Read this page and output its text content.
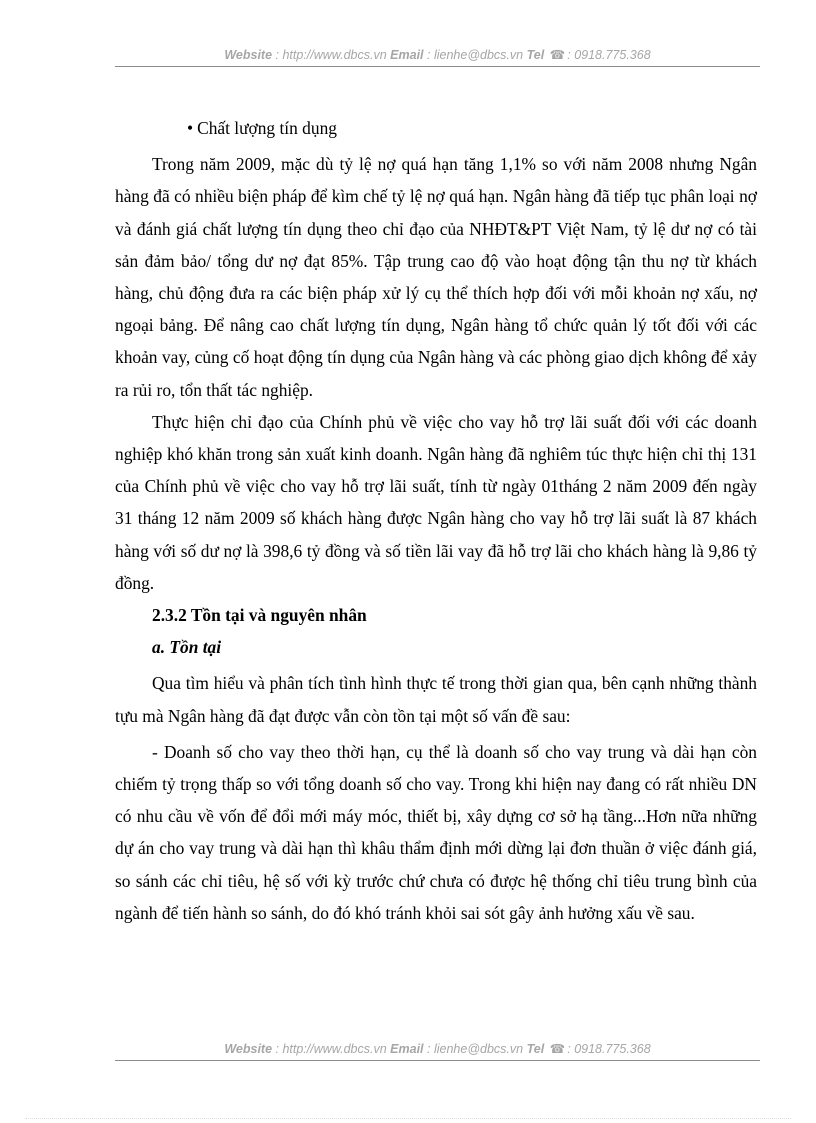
Website : http://www.dbcs.vn Email : lienhe@dbcs.vn Tel ☎ : 0918.775.368
• Chất lượng tín dụng

Trong năm 2009, mặc dù tỷ lệ nợ quá hạn tăng 1,1% so với năm 2008 nhưng Ngân hàng đã có nhiều biện pháp để kìm chế tỷ lệ nợ quá hạn. Ngân hàng đã tiếp tục phân loại nợ và đánh giá chất lượng tín dụng theo chỉ đạo của NHĐT&PT Việt Nam, tỷ lệ dư nợ có tài sản đảm bảo/ tổng dư nợ đạt 85%. Tập trung cao độ vào hoạt động tận thu nợ từ khách hàng, chủ động đưa ra các biện pháp xử lý cụ thể thích hợp đối với mỗi khoản nợ xấu, nợ ngoại bảng. Để nâng cao chất lượng tín dụng, Ngân hàng tổ chức quản lý tốt đối với các khoản vay, củng cố hoạt động tín dụng của Ngân hàng và các phòng giao dịch không để xảy ra rủi ro, tổn thất tác nghiệp.

Thực hiện chỉ đạo của Chính phủ về việc cho vay hỗ trợ lãi suất đối với các doanh nghiệp khó khăn trong sản xuất kinh doanh. Ngân hàng đã nghiêm túc thực hiện chỉ thị 131 của Chính phủ về việc cho vay hỗ trợ lãi suất, tính từ ngày 01tháng 2 năm 2009 đến ngày 31 tháng 12 năm 2009 số khách hàng được Ngân hàng cho vay hỗ trợ lãi suất là 87 khách hàng với số dư nợ là 398,6 tỷ đồng và số tiền lãi vay đã hỗ trợ lãi cho khách hàng là 9,86 tỷ đồng.

2.3.2 Tồn tại và nguyên nhân
a. Tồn tại

Qua tìm hiểu và phân tích tình hình thực tế trong thời gian qua, bên cạnh những thành tựu mà Ngân hàng đã đạt được vẫn còn tồn tại một số vấn đề sau:

- Doanh số cho vay theo thời hạn, cụ thể là doanh số cho vay trung và dài hạn còn chiếm tỷ trọng thấp so với tổng doanh số cho vay. Trong khi hiện nay đang có rất nhiều DN có nhu cầu về vốn để đổi mới máy móc, thiết bị, xây dựng cơ sở hạ tầng...Hơn nữa những dự án cho vay trung và dài hạn thì khâu thẩm định mới dừng lại đơn thuần ở việc đánh giá, so sánh các chỉ tiêu, hệ số với kỳ trước chứ chưa có được hệ thống chỉ tiêu trung bình của ngành để tiến hành so sánh, do đó khó tránh khỏi sai sót gây ảnh hưởng xấu về sau.

Website : http://www.dbcs.vn Email : lienhe@dbcs.vn Tel ☎ : 0918.775.368
